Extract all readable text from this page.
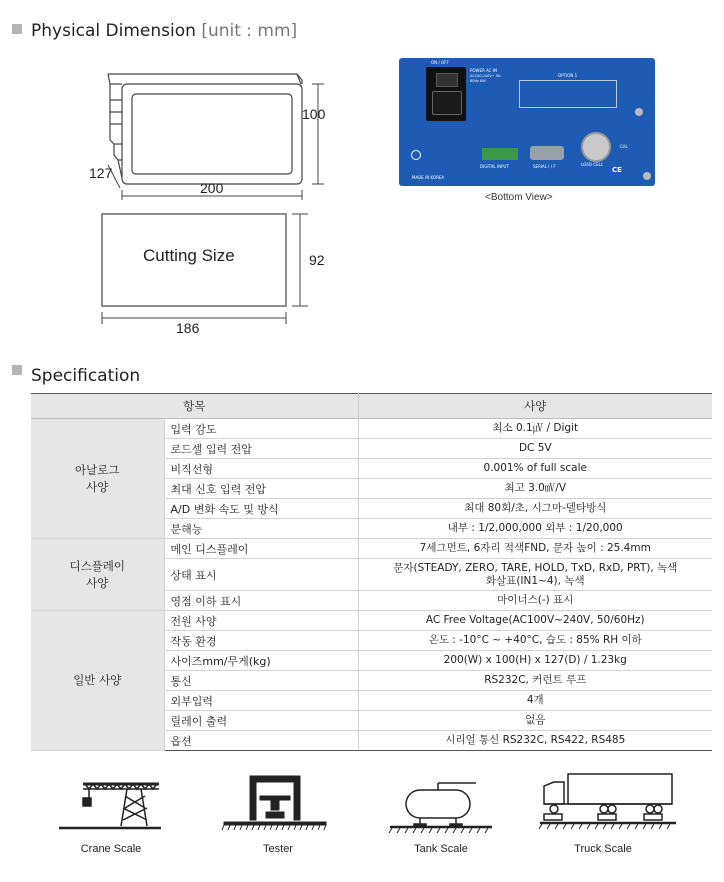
Physical Dimension [unit : mm]
100
127
200
Cutting Size	92
186
ON / OFF
POWER AC IN
AC100-240V~ 50-60Hz 8W
OPTION 1
DIGITAL INPUT	SERIAL I / F	LOAD CELL
CAL
MADE IN KOREA
CE
<Bottom View>
Specification
항목		사양
아날로그
사양	입력 감도	최소 0.1㎶ / Digit
	로드셀 입력 전압	DC 5V
	비직선형	0.001% of full scale
	최대 신호 입력 전압	최고 3.0㎷/V
	A/D 변화 속도 및 방식	최대 80회/초, 시그마-델타방식
	분해능	내부 : 1/2,000,000 외부 : 1/20,000
디스플레이
사양	메인 디스플레이	7세그먼트, 6자리 적색FND, 문자 높이 : 25.4mm
	상태 표시	문자(STEADY, ZERO, TARE, HOLD, TxD, RxD, PRT), 녹색
화살표(IN1~4), 녹색
	영점 이하 표시	마이너스(-) 표시
일반 사양	전원 사양	AC Free Voltage(AC100V~240V, 50/60Hz)
	작동 환경	온도 : -10°C ~ +40°C, 습도 : 85% RH 이하
	사이즈mm/무게(kg)	200(W) x 100(H) x 127(D) / 1.23kg
	통신	RS232C, 커런트 루프
	외부입력	4개
	릴레이 출력	없음
	옵션	시리얼 통신 RS232C, RS422, RS485
Crane Scale	Tester	Tank Scale	Truck Scale
